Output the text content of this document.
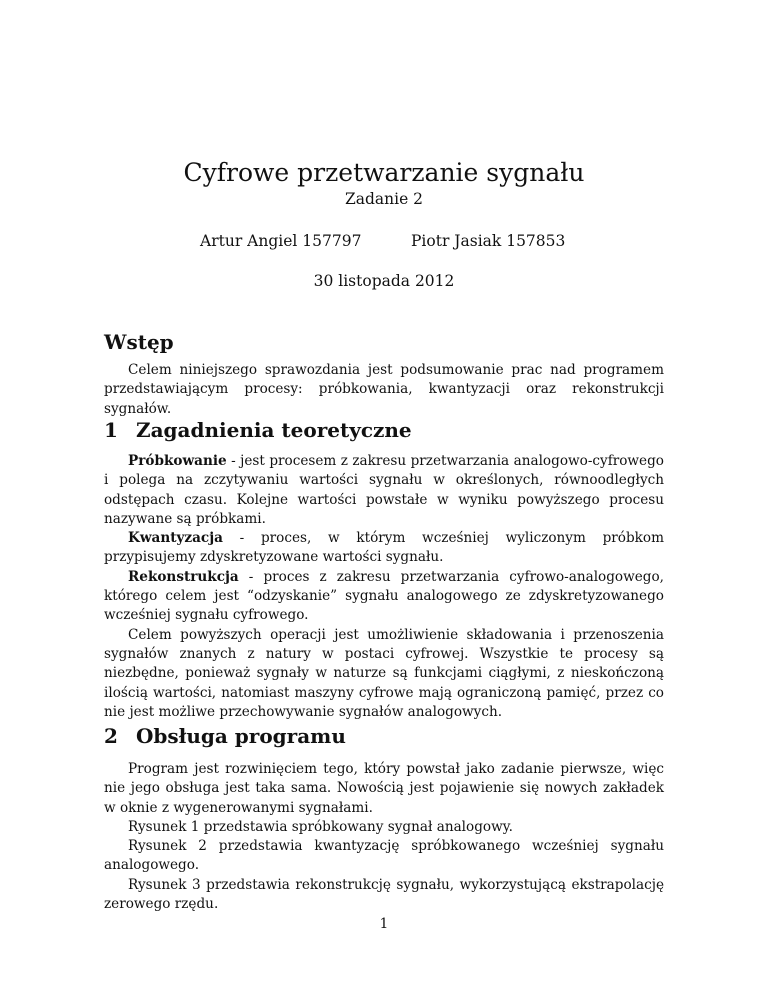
Cyfrowe przetwarzanie sygnału
Zadanie 2
Artur Angiel 157797	Piotr Jasiak 157853
30 listopada 2012
Wstęp

Celem niniejszego sprawozdania jest podsumowanie prac nad programem przedstawiającym procesy: próbkowania, kwantyzacji oraz rekonstrukcji sygnałów.

1 Zagadnienia teoretyczne

Próbkowanie - jest procesem z zakresu przetwarzania analogowo-cyfrowego i polega na zczytywaniu wartości sygnału w określonych, równoodległych odstępach czasu. Kolejne wartości powstałe w wyniku powyższego procesu nazywane są próbkami.

Kwantyzacja - proces, w którym wcześniej wyliczonym próbkom przypisujemy zdyskretyzowane wartości sygnału.

Rekonstrukcja - proces z zakresu przetwarzania cyfrowo-analogowego, którego celem jest “odzyskanie” sygnału analogowego ze zdyskretyzowanego wcześniej sygnału cyfrowego.

Celem powyższych operacji jest umożliwienie składowania i przenoszenia sygnałów znanych z natury w postaci cyfrowej. Wszystkie te procesy są niezbędne, ponieważ sygnały w naturze są funkcjami ciągłymi, z nieskończoną ilością wartości, natomiast maszyny cyfrowe mają ograniczoną pamięć, przez co nie jest możliwe przechowywanie sygnałów analogowych.

2 Obsługa programu

Program jest rozwinięciem tego, który powstał jako zadanie pierwsze, więc nie jego obsługa jest taka sama. Nowością jest pojawienie się nowych zakładek w oknie z wygenerowanymi sygnałami.

Rysunek 1 przedstawia spróbkowany sygnał analogowy.

Rysunek 2 przedstawia kwantyzację spróbkowanego wcześniej sygnału analogowego.

Rysunek 3 przedstawia rekonstrukcję sygnału, wykorzystującą ekstrapolację zerowego rzędu.

1
